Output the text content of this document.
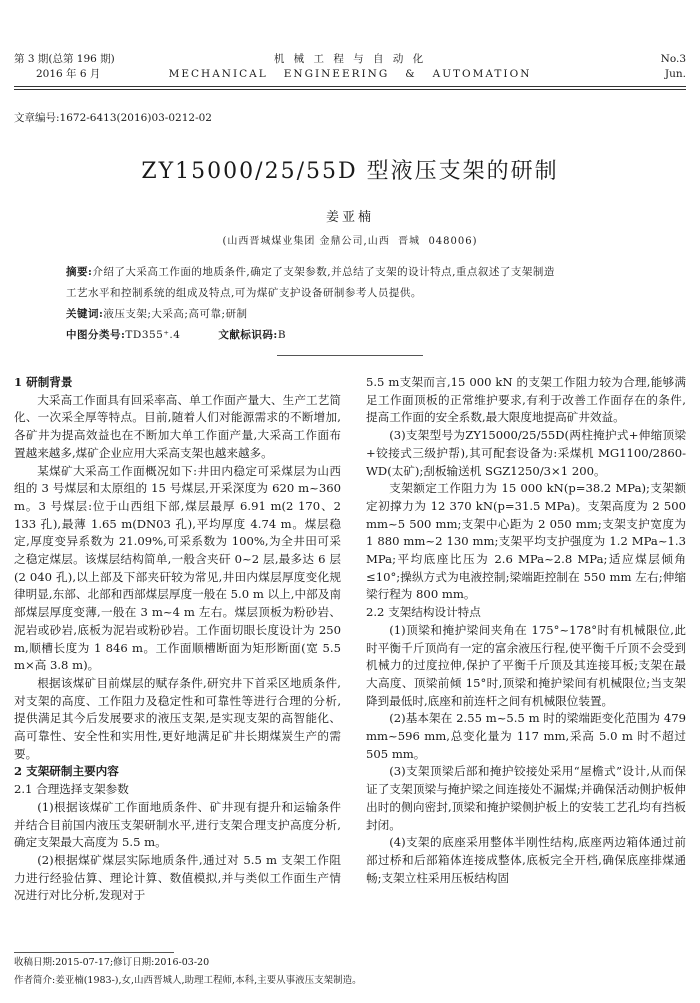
第 3 期(总第 196 期)
2016 年 6 月
机 械 工 程 与 自 动 化
MECHANICAL   ENGINEERING   &   AUTOMATION
No.3
Jun.
文章编号:1672-6413(2016)03-0212-02
ZY15000/25/55D 型液压支架的研制
姜亚楠
(山西晋城煤业集团 金鼎公司,山西  晋城  048006)
摘要:介绍了大采高工作面的地质条件,确定了支架参数,并总结了支架的设计特点,重点叙述了支架制造
工艺水平和控制系统的组成及特点,可为煤矿支护设备研制参考人员提供。
关键词:液压支架;大采高;高可靠;研制
中图分类号:TD355⁺.4	文献标识码:B

1 研制背景

大采高工作面具有回采率高、单工作面产量大、生产工艺简化、一次采全厚等特点。目前,随着人们对能源需求的不断增加,各矿井为提高效益也在不断加大单工作面产量,大采高工作面布置越来越多,煤矿企业应用大采高支架也越来越多。

某煤矿大采高工作面概况如下:井田内稳定可采煤层为山西组的 3 号煤层和太原组的 15 号煤层,开采深度为 620 m~360 m。3 号煤层:位于山西组下部,煤层最厚 6.91 m(2 170、2 133 孔),最薄 1.65 m(DN03 孔),平均厚度 4.74 m。煤层稳定,厚度变异系数为 21.09%,可采系数为 100%,为全井田可采之稳定煤层。该煤层结构简单,一般含夹矸 0~2 层,最多达 6 层(2 040 孔),以上部及下部夹矸较为常见,井田内煤层厚度变化规律明显,东部、北部和西部煤层厚度一般在 5.0 m 以上,中部及南部煤层厚度变薄,一般在 3 m~4 m 左右。煤层顶板为粉砂岩、泥岩或砂岩,底板为泥岩或粉砂岩。工作面切眼长度设计为 250 m,顺槽长度为 1 846 m。工作面顺槽断面为矩形断面(宽 5.5 m×高 3.8 m)。

根据该煤矿目前煤层的赋存条件,研究井下首采区地质条件,对支架的高度、工作阻力及稳定性和可靠性等进行合理的分析,提供满足其今后发展要求的液压支架,是实现支架的高智能化、高可靠性、安全性和实用性,更好地满足矿井长期煤炭生产的需要。

2 支架研制主要内容

2.1 合理选择支架参数

(1)根据该煤矿工作面地质条件、矿井现有提升和运输条件并结合目前国内液压支架研制水平,进行支架合理支护高度分析,确定支架最大高度为 5.5 m。

(2)根据煤矿煤层实际地质条件,通过对 5.5 m 支架工作阻力进行经验估算、理论计算、数值模拟,并与类似工作面生产情况进行对比分析,发现对于

5.5 m支架而言,15 000 kN 的支架工作阻力较为合理,能够满足工作面顶板的正常维护要求,有利于改善工作面存在的条件,提高工作面的安全系数,最大限度地提高矿井效益。

(3)支架型号为ZY15000/25/55D(两柱掩护式+伸缩顶梁+铰接式三级护帮),其可配套设备为:采煤机 MG1100/2860-WD(太矿);刮板输送机 SGZ1250/3×1 200。

支架额定工作阻力为 15 000 kN(p=38.2 MPa);支架额定初撑力为 12 370 kN(p=31.5 MPa)。支架高度为 2 500 mm~5 500 mm;支架中心距为 2 050 mm;支架支护宽度为 1 880 mm~2 130 mm;支架平均支护强度为 1.2 MPa~1.3 MPa;平均底座比压为 2.6 MPa~2.8 MPa;适应煤层倾角≤10°;操纵方式为电液控制;梁端距控制在 550 mm 左右;伸缩梁行程为 800 mm。

2.2 支架结构设计特点

(1)顶梁和掩护梁间夹角在 175°~178°时有机械限位,此时平衡千斤顶尚有一定的富余液压行程,使平衡千斤顶不会受到机械力的过度拉伸,保护了平衡千斤顶及其连接耳板;支架在最大高度、顶梁前倾 15°时,顶梁和掩护梁间有机械限位;当支架降到最低时,底座和前连杆之间有机械限位装置。

(2)基本架在 2.55 m~5.5 m 时的梁端距变化范围为 479 mm~596 mm,总变化量为 117 mm,采高 5.0 m 时不超过 505 mm。

(3)支架顶梁后部和掩护铰接处采用“屋檐式”设计,从而保证了支架顶梁与掩护梁之间连接处不漏煤;并确保活动侧护板伸出时的侧向密封,顶梁和掩护梁侧护板上的安装工艺孔均有挡板封闭。

(4)支架的底座采用整体半刚性结构,底座两边箱体通过前部过桥和后部箱体连接成整体,底板完全开档,确保底座排煤通畅;支架立柱采用压板结构固

收稿日期:2015-07-17;修订日期:2016-03-20
作者简介:姜亚楠(1983-),女,山西晋城人,助理工程师,本科,主要从事液压支架制造。
